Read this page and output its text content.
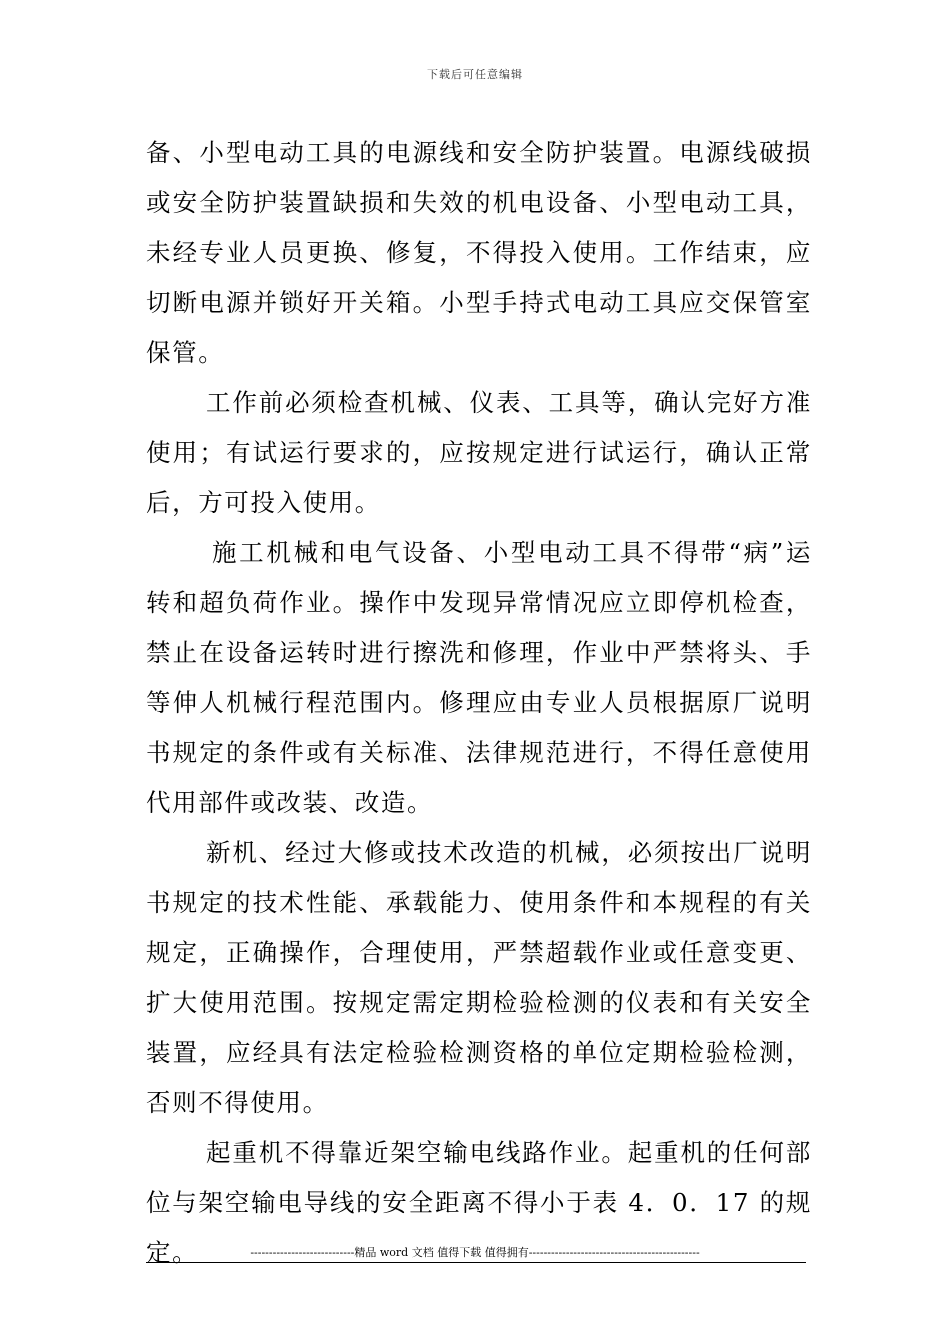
下载后可任意编辑

备、小型电动工具的电源线和安全防护装置。电源线破损或安全防护装置缺损和失效的机电设备、小型电动工具，未经专业人员更换、修复，不得投入使用。工作结束，应切断电源并锁好开关箱。小型手持式电动工具应交保管室保管。

工作前必须检查机械、仪表、工具等，确认完好方准使用；有试运行要求的，应按规定进行试运行，确认正常后，方可投入使用。

施工机械和电气设备、小型电动工具不得带“病”运转和超负荷作业。操作中发现异常情况应立即停机检查，禁止在设备运转时进行擦洗和修理，作业中严禁将头、手等伸人机械行程范围内。修理应由专业人员根据原厂说明书规定的条件或有关标准、法律规范进行，不得任意使用代用部件或改装、改造。

新机、经过大修或技术改造的机械，必须按出厂说明书规定的技术性能、承载能力、使用条件和本规程的有关规定，正确操作，合理使用，严禁超载作业或任意变更、扩大使用范围。按规定需定期检验检测的仪表和有关安全装置，应经具有法定检验检测资格的单位定期检验检测，否则不得使用。

起重机不得靠近架空输电线路作业。起重机的任何部位与架空输电导线的安全距离不得小于表 4．0．17 的规定。	----------------------------精品 word 文档 值得下载 值得拥有----------------------------------------------
